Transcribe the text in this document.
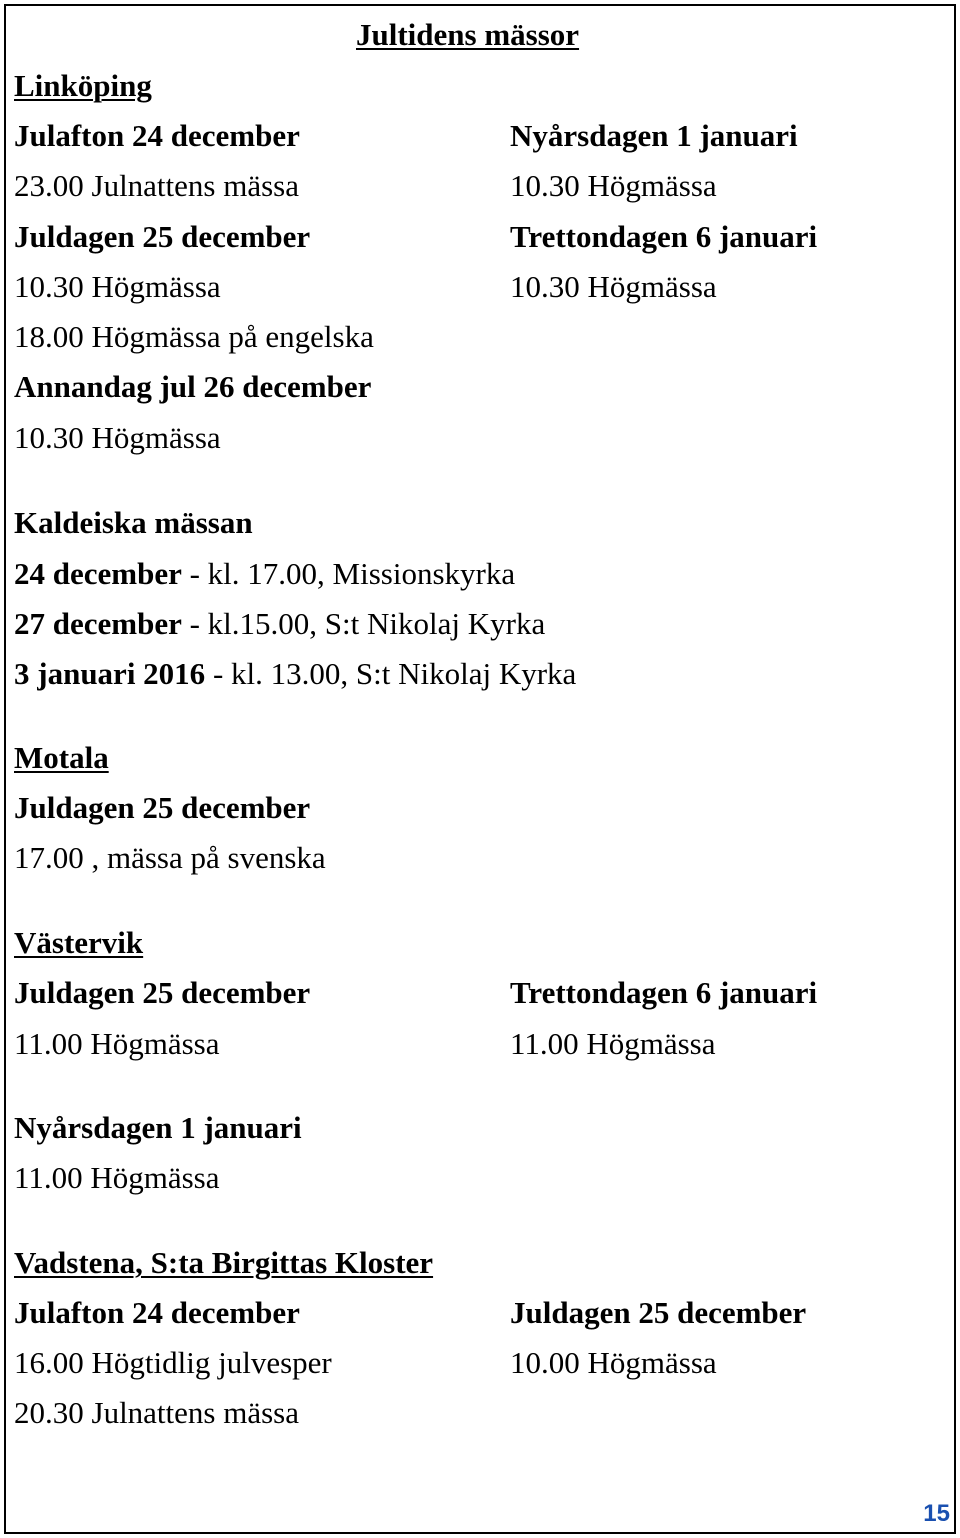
Jultidens mässor
Linköping
Julafton 24 december
23.00 Julnattens mässa
Juldagen 25 december
10.30 Högmässa
18.00 Högmässa på engelska
Annandag jul 26 december
10.30 Högmässa
Nyårsdagen 1 januari
10.30 Högmässa
Trettondagen 6 januari
10.30 Högmässa
Kaldeiska mässan
24 december - kl. 17.00, Missionskyrka
27 december - kl.15.00, S:t Nikolaj Kyrka
3 januari 2016 - kl. 13.00, S:t Nikolaj Kyrka
Motala
Juldagen 25 december
17.00 , mässa på svenska
Västervik
Juldagen 25 december
11.00 Högmässa
Trettondagen 6 januari
11.00 Högmässa
Nyårsdagen 1 januari
11.00 Högmässa
Vadstena, S:ta Birgittas Kloster
Julafton 24 december
16.00 Högtidlig julvesper
20.30 Julnattens mässa
Juldagen 25 december
10.00 Högmässa
15
